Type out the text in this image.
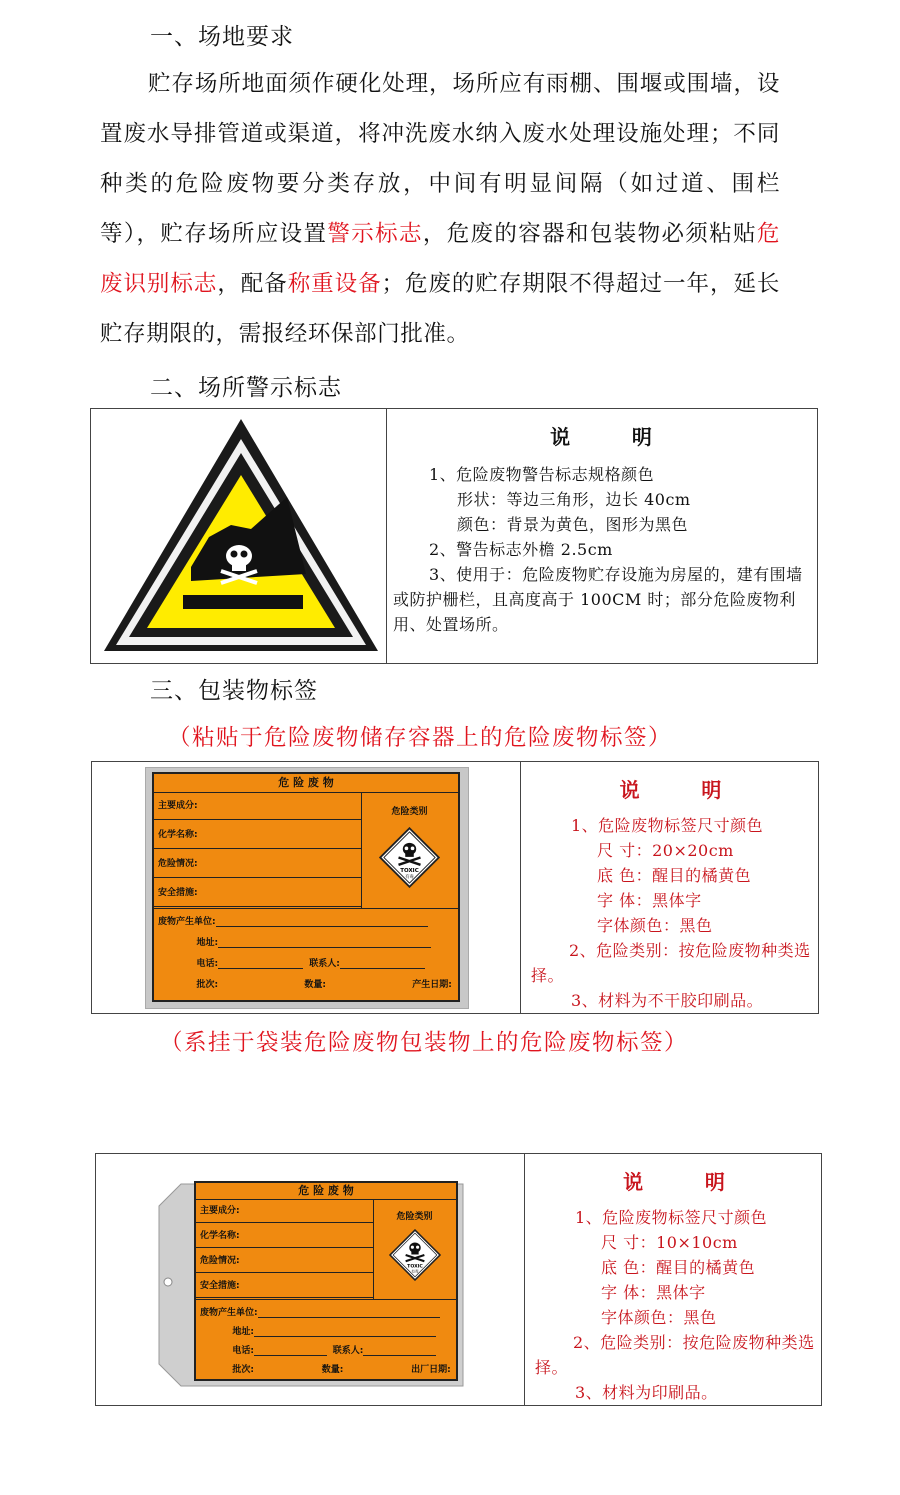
一、场地要求
贮存场所地面须作硬化处理，场所应有雨棚、围堰或围墙，设置废水导排管道或渠道，将冲洗废水纳入废水处理设施处理；不同种类的危险废物要分类存放，中间有明显间隔（如过道、围栏等），贮存场所应设置警示标志，危废的容器和包装物必须粘贴危废识别标志，配备称重设备；危废的贮存期限不得超过一年，延长贮存期限的，需报经环保部门批准。
二、场所警示标志

说	明
1、危险废物警告标志规格颜色
形状：等边三角形，边长 40cm
颜色：背景为黄色，图形为黑色
2、警告标志外檐 2.5cm
3、使用于：危险废物贮存设施为房屋的，建有围墙或防护栅栏，且高度高于 100CM 时；部分危险废物利用、处置场所。
三、包装物标签
（粘贴于危险废物储存容器上的危险废物标签）
危 险 废 物
主要成分:
化学名称:
危险情况:
安全措施:
危险类别
TOXIC
有毒
废物产生单位:
地址:
电话:	联系人:
批次:	数量:	产生日期:

说	明
1、危险废物标签尺寸颜色
尺 寸：20×20cm
底 色：醒目的橘黄色
字 体：黑体字
字体颜色：黑色
2、危险类别：按危险废物种类选择。
3、材料为不干胶印刷品。
（系挂于袋装危险废物包装物上的危险废物标签）
危 险 废 物
主要成分:
化学名称:
危险情况:
安全措施:
危险类别
TOXIC
有毒
废物产生单位:
地址:
电话:	联系人:
批次:	数量:	出厂日期:

说	明
1、危险废物标签尺寸颜色
尺 寸：10×10cm
底 色：醒目的橘黄色
字 体：黑体字
字体颜色：黑色
2、危险类别：按危险废物种类选择。
3、材料为印刷品。
